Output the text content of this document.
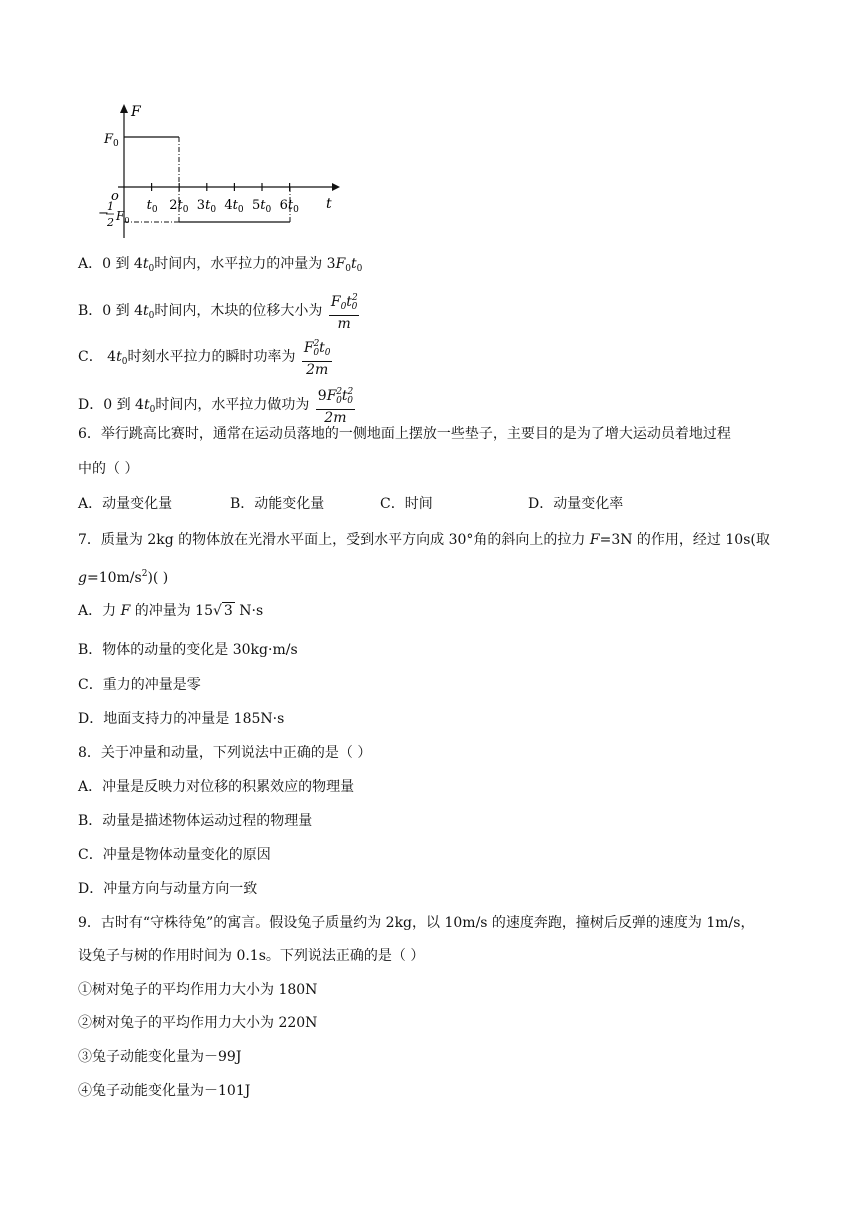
F
t
o
$F_0$
−
1
2 $F_0$
$t_0$ $2t_0$ $3t_0$ $4t_0$ $5t_0$ $6t_0$
A．0 到 $4t_0$时间内，水平拉力的冲量为 $3F_0t_0$
B．0 到 $4t_0$时间内，木块的位移大小为 $\frac{F_0t^2_0}{m}$
C． $4t_0$时刻水平拉力的瞬时功率为 $\frac{F^2_0t_0}{2m}$
D．0 到 $4t_0$时间内，水平拉力做功为 $\frac{9F^2_0t^2_0}{2m}$
6．举行跳高比赛时，通常在运动员落地的一侧地面上摆放一些垫子，主要目的是为了增大运动员着地过程
中的（ ）
A．动量变化量	B．动能变化量	C．时间	D．动量变化率
7．质量为 2kg 的物体放在光滑水平面上，受到水平方向成 30°角的斜向上的拉力 F=3N 的作用，经过 10s(取
$g=10m/s^2$)( )
A．力 F 的冲量为 15√ 3 N·s
B．物体的动量的变化是 30kg·m/s
C．重力的冲量是零
D．地面支持力的冲量是 185N·s
8．关于冲量和动量，下列说法中正确的是（ ）
A．冲量是反映力对位移的积累效应的物理量
B．动量是描述物体运动过程的物理量
C．冲量是物体动量变化的原因
D．冲量方向与动量方向一致
9．古时有“守株待兔”的寓言。假设兔子质量约为 2kg，以 10m/s 的速度奔跑，撞树后反弹的速度为 1m/s，
设兔子与树的作用时间为 0.1s。下列说法正确的是（ ）
①树对兔子的平均作用力大小为 180N
②树对兔子的平均作用力大小为 220N
③兔子动能变化量为－99J
④兔子动能变化量为－101J
